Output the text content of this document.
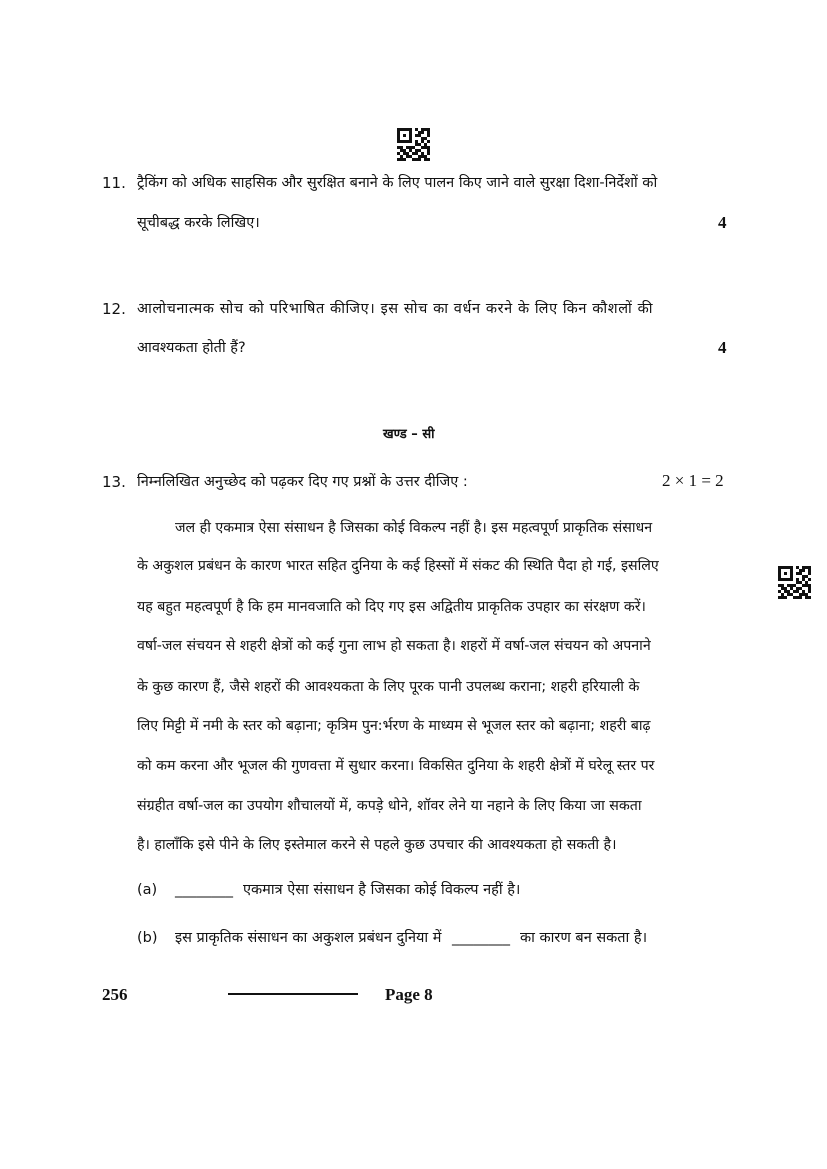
11. ट्रैकिंग को अधिक साहसिक और सुरक्षित बनाने के लिए पालन किए जाने वाले सुरक्षा दिशा-निर्देशों को
सूचीबद्ध करके लिखिए।	4
12. आलोचनात्मक सोच को परिभाषित कीजिए। इस सोच का वर्धन करने के लिए किन कौशलों की
आवश्यकता होती हैं?	4
खण्ड – सी
13. निम्नलिखित अनुच्छेद को पढ़कर दिए गए प्रश्नों के उत्तर दीजिए :	2 × 1 = 2
जल ही एकमात्र ऐसा संसाधन है जिसका कोई विकल्प नहीं है। इस महत्वपूर्ण प्राकृतिक संसाधन
के अकुशल प्रबंधन के कारण भारत सहित दुनिया के कई हिस्सों में संकट की स्थिति पैदा हो गई, इसलिए
यह बहुत महत्वपूर्ण है कि हम मानवजाति को दिए गए इस अद्वितीय प्राकृतिक उपहार का संरक्षण करें।
वर्षा-जल संचयन से शहरी क्षेत्रों को कई गुना लाभ हो सकता है। शहरों में वर्षा-जल संचयन को अपनाने
के कुछ कारण हैं, जैसे शहरों की आवश्यकता के लिए पूरक पानी उपलब्ध कराना; शहरी हरियाली के
लिए मिट्टी में नमी के स्तर को बढ़ाना; कृत्रिम पुन:र्भरण के माध्यम से भूजल स्तर को बढ़ाना; शहरी बाढ़
को कम करना और भूजल की गुणवत्ता में सुधार करना। विकसित दुनिया के शहरी क्षेत्रों में घरेलू स्तर पर
संग्रहीत वर्षा-जल का उपयोग शौचालयों में, कपड़े धोने, शॉवर लेने या नहाने के लिए किया जा सकता
है। हालाँकि इसे पीने के लिए इस्तेमाल करने से पहले कुछ उपचार की आवश्यकता हो सकती है।
(a) ________ एकमात्र ऐसा संसाधन है जिसका कोई विकल्प नहीं है।
(b) इस प्राकृतिक संसाधन का अकुशल प्रबंधन दुनिया में ________ का कारण बन सकता है।
256	Page 8
